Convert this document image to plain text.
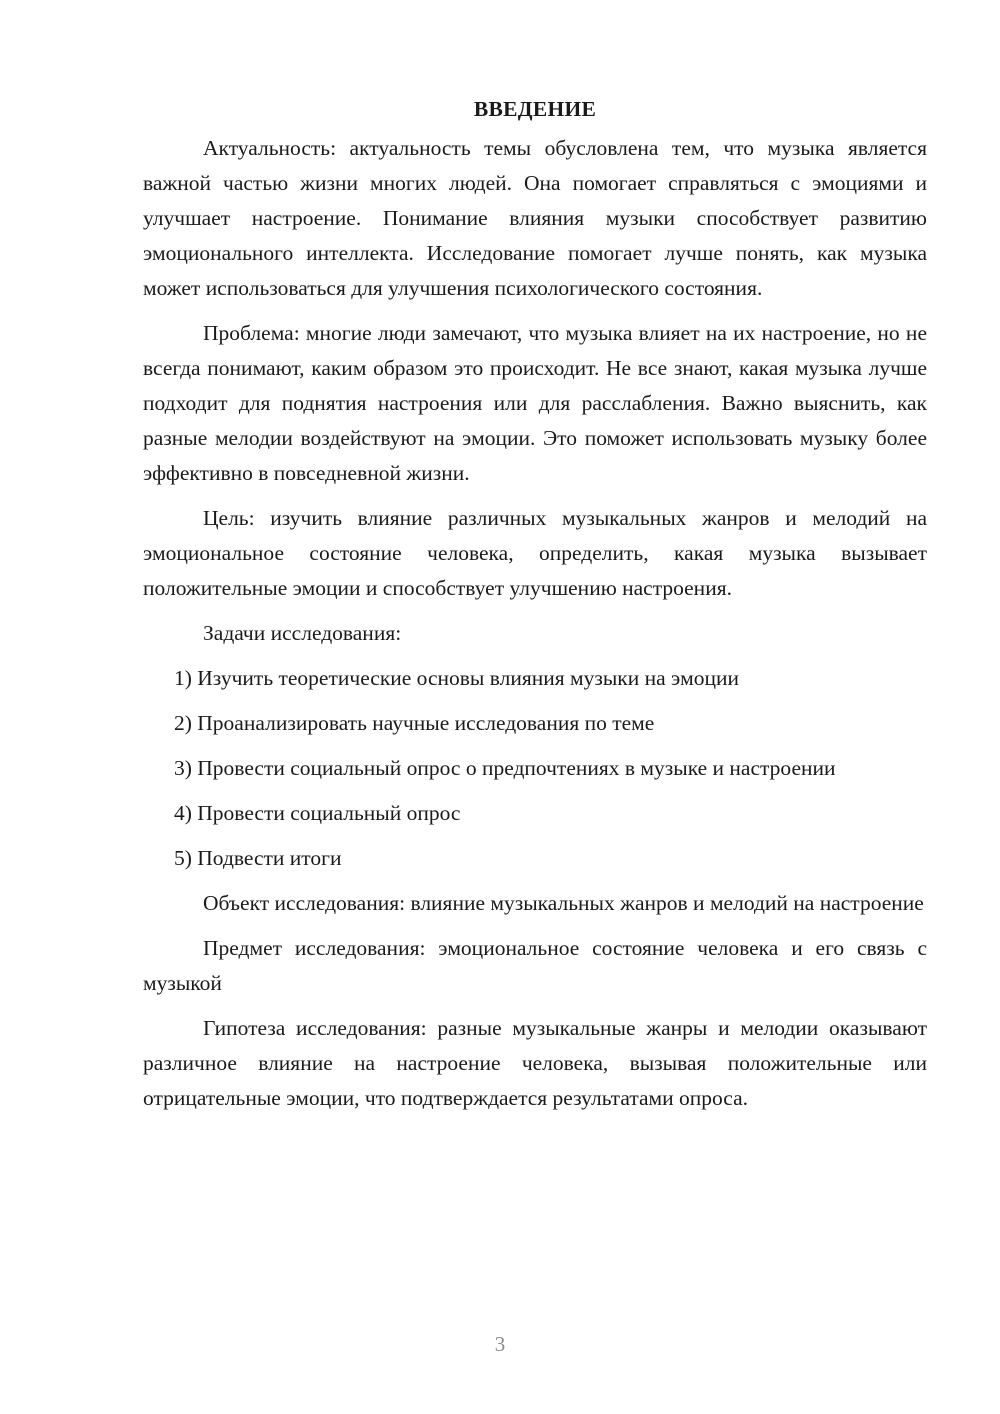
ВВЕДЕНИЕ

Актуальность: актуальность темы обусловлена тем, что музыка является важной частью жизни многих людей. Она помогает справляться с эмоциями и улучшает настроение. Понимание влияния музыки способствует развитию эмоционального интеллекта. Исследование помогает лучше понять, как музыка может использоваться для улучшения психологического состояния.

Проблема: многие люди замечают, что музыка влияет на их настроение, но не всегда понимают, каким образом это происходит. Не все знают, какая музыка лучше подходит для поднятия настроения или для расслабления. Важно выяснить, как разные мелодии воздействуют на эмоции. Это поможет использовать музыку более эффективно в повседневной жизни.

Цель: изучить влияние различных музыкальных жанров и мелодий на эмоциональное состояние человека, определить, какая музыка вызывает положительные эмоции и способствует улучшению настроения.

Задачи исследования:

1) Изучить теоретические основы влияния музыки на эмоции

2) Проанализировать научные исследования по теме

3) Провести социальный опрос о предпочтениях в музыке и настроении

4) Провести социальный опрос

5) Подвести итоги

Объект исследования: влияние музыкальных жанров и мелодий на настроение

Предмет исследования: эмоциональное состояние человека и его связь с музыкой

Гипотеза исследования: разные музыкальные жанры и мелодии оказывают различное влияние на настроение человека, вызывая положительные или отрицательные эмоции, что подтверждается результатами опроса.

3
